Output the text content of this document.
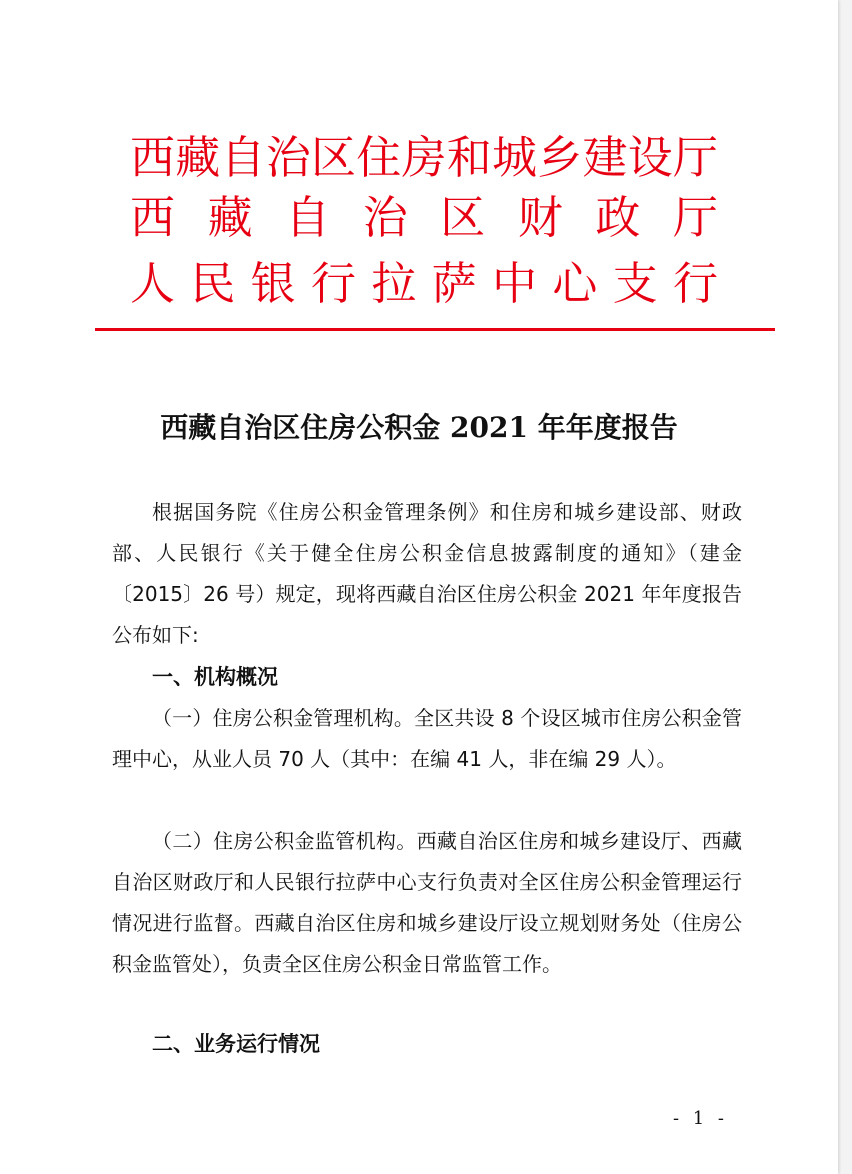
西藏自治区住房和城乡建设厅
西藏自治区财政厅
人民银行拉萨中心支行
西藏自治区住房公积金 2021 年年度报告
根据国务院《住房公积金管理条例》和住房和城乡建设部、财政部、人民银行《关于健全住房公积金信息披露制度的通知》（建金〔2015〕26 号）规定，现将西藏自治区住房公积金 2021 年年度报告公布如下:
一、机构概况
（一）住房公积金管理机构。全区共设 8 个设区城市住房公积金管理中心，从业人员 70 人（其中：在编 41 人，非在编 29 人）。
（二）住房公积金监管机构。西藏自治区住房和城乡建设厅、西藏自治区财政厅和人民银行拉萨中心支行负责对全区住房公积金管理运行情况进行监督。西藏自治区住房和城乡建设厅设立规划财务处（住房公积金监管处），负责全区住房公积金日常监管工作。
二、业务运行情况
- 1 -
